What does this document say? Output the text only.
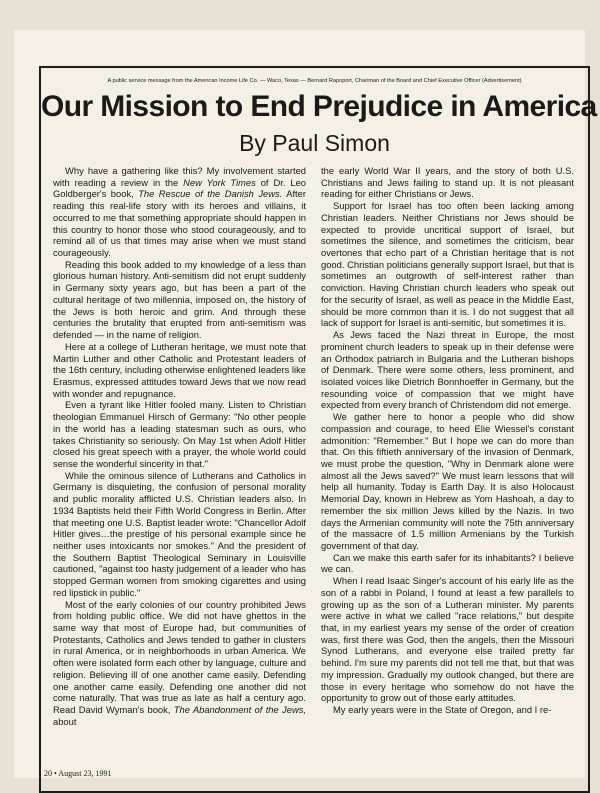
A public service message from the American Income Life Co. — Waco, Texas — Bernard Rapoport, Chairman of the Board and Chief Executive Officer (Advertisement)
Our Mission to End Prejudice in America
By Paul Simon

Why have a gathering like this? My involvement started with reading a review in the New York Times of Dr. Leo Goldberger's book, The Rescue of the Danish Jews. After reading this real-life story with its heroes and villains, it occurred to me that something appropriate should happen in this country to honor those who stood courageously, and to remind all of us that times may arise when we must stand courageously.

Reading this book added to my knowledge of a less than glorious human history. Anti-semitism did not erupt suddenly in Germany sixty years ago, but has been a part of the cultural heritage of two millennia, imposed on, the history of the Jews is both heroic and grim. And through these centuries the brutality that erupted from anti-semitism was defended — in the name of religion.

Here at a college of Lutheran heritage, we must note that Martin Luther and other Catholic and Protestant leaders of the 16th century, including otherwise enlightened leaders like Erasmus, expressed attitudes toward Jews that we now read with wonder and repugnance.

Even a tyrant like Hitler fooled many. Listen to Christian theologian Emmanuel Hirsch of Germany: "No other people in the world has a leading statesman such as ours, who takes Christianity so seriously. On May 1st when Adolf Hitler closed his great speech with a prayer, the whole world could sense the wonderful sincerity in that."

While the ominous silence of Lutherans and Catholics in Germany is disquieting, the confusion of personal morality and public morality afflicted U.S. Christian leaders also. In 1934 Baptists held their Fifth World Congress in Berlin. After that meeting one U.S. Baptist leader wrote: "Chancellor Adolf Hitler gives…the prestige of his personal example since he neither uses intoxicants nor smokes." And the president of the Southern Baptist Theological Seminary in Louisville cautioned, "against too hasty judgement of a leader who has stopped German women from smoking cigarettes and using red lipstick in public."

Most of the early colonies of our country prohibited Jews from holding public office. We did not have ghettos in the same way that most of Europe had, but communities of Protestants, Catholics and Jews tended to gather in clusters in rural America, or in neighborhoods in urban America. We often were isolated form each other by language, culture and religion. Believing ill of one another came easily. Defending one another came easily. Defending one another did not come naturally. That was true as late as half a century ago. Read David Wyman's book, The Abandonment of the Jews, about

the early World War II years, and the story of both U.S. Christians and Jews failing to stand up. It is not pleasant reading for either Christians or Jews.

Support for Israel has too often been lacking among Christian leaders. Neither Christians nor Jews should be expected to provide uncritical support of Israel, but sometimes the silence, and sometimes the criticism, bear overtones that echo part of a Christian heritage that is not good. Christian politicians generally support Israel, but that is sometimes an outgrowth of self-interest rather than conviction. Having Christian church leaders who speak out for the security of Israel, as well as peace in the Middle East, should be more common than it is. I do not suggest that all lack of support for Israel is anti-semitic, but sometimes it is.

As Jews faced the Nazi threat in Europe, the most prominent church leaders to speak up in their defense were an Orthodox patriarch in Bulgaria and the Lutheran bishops of Denmark. There were some others, less prominent, and isolated voices like Dietrich Bonnhoeffer in Germany, but the resounding voice of compassion that we might have expected from every branch of Christendom did not emerge.

We gather here to honor a people who did show compassion and courage, to heed Elie Wiessel's constant admonition: "Remember." But I hope we can do more than that. On this fiftieth anniversary of the invasion of Denmark, we must probe the question, "Why in Denmark alone were almost all the Jews saved?" We must learn lessons that will help all humanity. Today is Earth Day. It is also Holocaust Memorial Day, known in Hebrew as Yom Hashoah, a day to remember the six million Jews killed by the Nazis. In two days the Armenian community will note the 75th anniversary of the massacre of 1.5 million Armenians by the Turkish government of that day.

Can we make this earth safer for its inhabitants? I believe we can.

When I read Isaac Singer's account of his early life as the son of a rabbi in Poland, I found at least a few parallels to growing up as the son of a Lutheran minister. My parents were active in what we called "race relations," but despite that, in my earliest years my sense of the order of creation was, first there was God, then the angels, then the Missouri Synod Lutherans, and everyone else trailed pretty far behind. I'm sure my parents did not tell me that, but that was my impression. Gradually my outlook changed, but there are those in every heritage who somehow do not have the opportunity to grow out of those early attitudes.

My early years were in the State of Oregon, and I re-

20 • August 23, 1991
